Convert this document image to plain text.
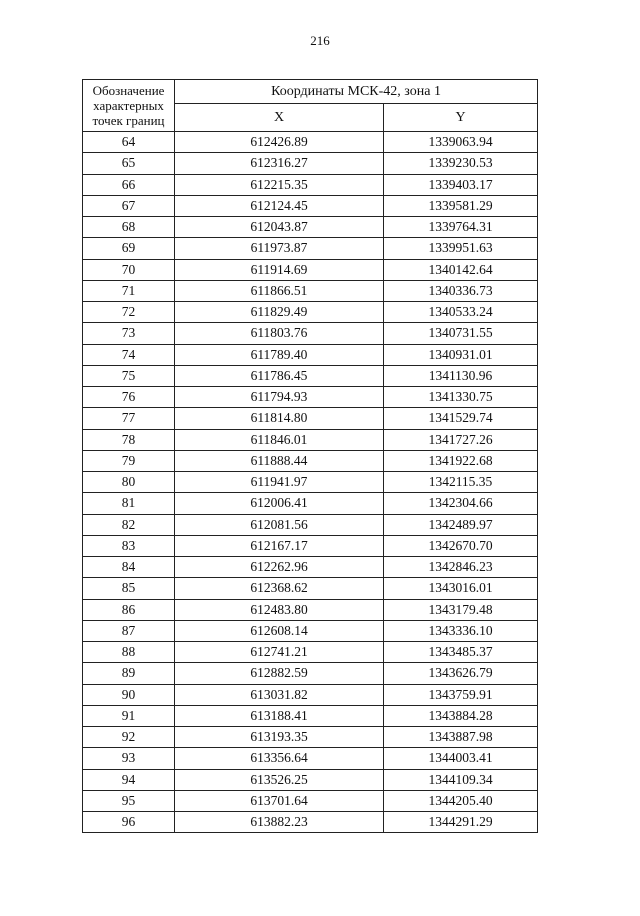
216
Обозначение характерных точек границ	Координаты МСК-42, зона 1	
	X	Y
64	612426.89	1339063.94
65	612316.27	1339230.53
66	612215.35	1339403.17
67	612124.45	1339581.29
68	612043.87	1339764.31
69	611973.87	1339951.63
70	611914.69	1340142.64
71	611866.51	1340336.73
72	611829.49	1340533.24
73	611803.76	1340731.55
74	611789.40	1340931.01
75	611786.45	1341130.96
76	611794.93	1341330.75
77	611814.80	1341529.74
78	611846.01	1341727.26
79	611888.44	1341922.68
80	611941.97	1342115.35
81	612006.41	1342304.66
82	612081.56	1342489.97
83	612167.17	1342670.70
84	612262.96	1342846.23
85	612368.62	1343016.01
86	612483.80	1343179.48
87	612608.14	1343336.10
88	612741.21	1343485.37
89	612882.59	1343626.79
90	613031.82	1343759.91
91	613188.41	1343884.28
92	613193.35	1343887.98
93	613356.64	1344003.41
94	613526.25	1344109.34
95	613701.64	1344205.40
96	613882.23	1344291.29
